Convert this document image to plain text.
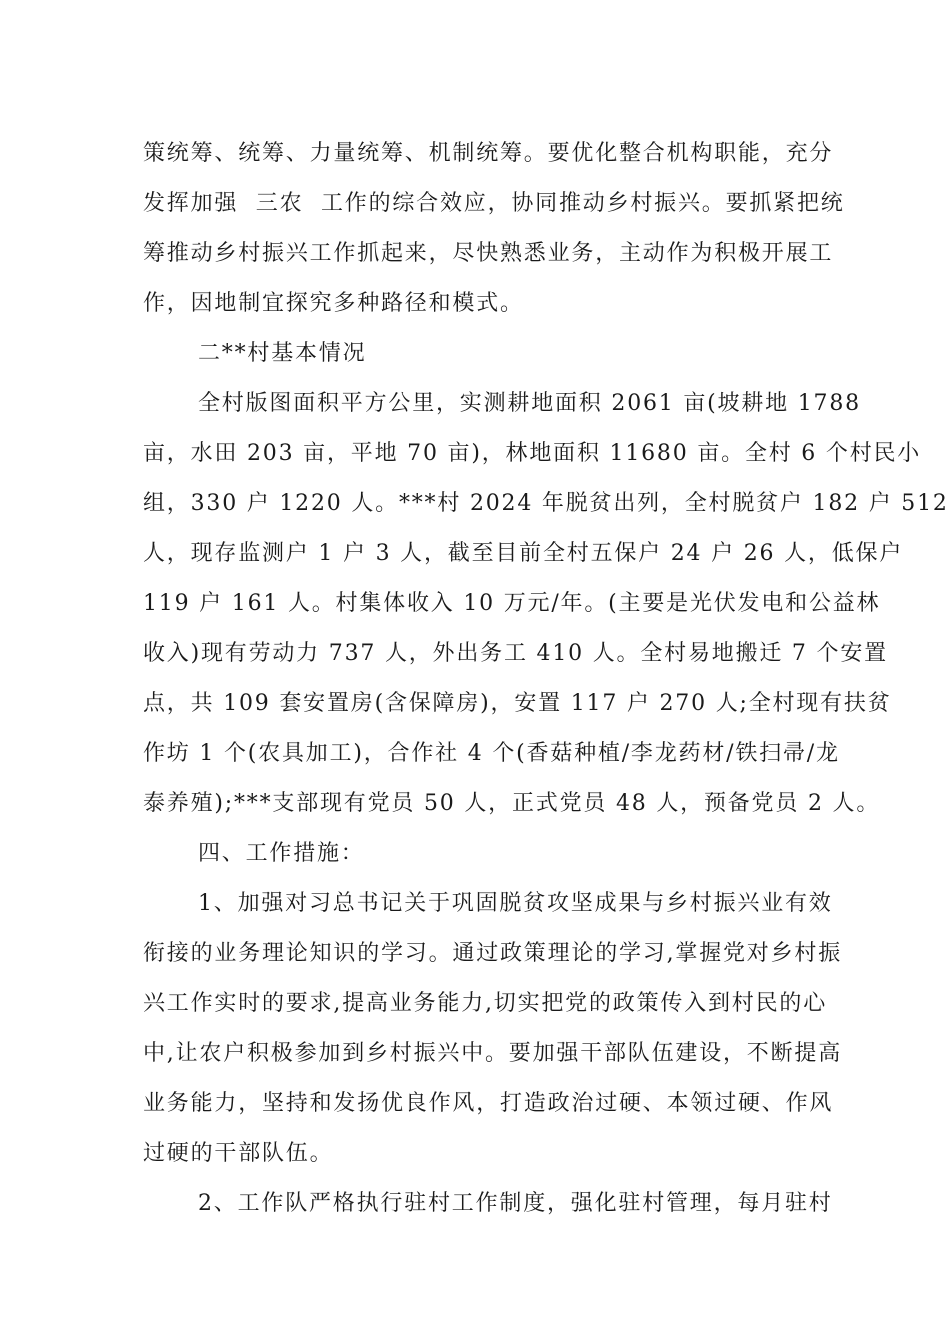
策统筹、统筹、力量统筹、机制统筹。要优化整合机构职能，充分
发挥加强  三农  工作的综合效应，协同推动乡村振兴。要抓紧把统
筹推动乡村振兴工作抓起来，尽快熟悉业务，主动作为积极开展工
作，因地制宜探究多种路径和模式。
二**村基本情况
全村版图面积平方公里，实测耕地面积 2061 亩(坡耕地 1788
亩，水田 203 亩，平地 70 亩)，林地面积 11680 亩。全村 6 个村民小
组，330 户 1220 人。***村 2024 年脱贫出列，全村脱贫户 182 户 512
人，现存监测户 1 户 3 人，截至目前全村五保户 24 户 26 人，低保户
119 户 161 人。村集体收入 10 万元/年。(主要是光伏发电和公益林
收入)现有劳动力 737 人，外出务工 410 人。全村易地搬迁 7 个安置
点，共 109 套安置房(含保障房)，安置 117 户 270 人;全村现有扶贫
作坊 1 个(农具加工)，合作社 4 个(香菇种植/李龙药材/铁扫帚/龙
泰养殖);***支部现有党员 50 人，正式党员 48 人，预备党员 2 人。
四、工作措施：
1、加强对习总书记关于巩固脱贫攻坚成果与乡村振兴业有效
衔接的业务理论知识的学习。通过政策理论的学习,掌握党对乡村振
兴工作实时的要求,提高业务能力,切实把党的政策传入到村民的心
中,让农户积极参加到乡村振兴中。要加强干部队伍建设，不断提高
业务能力，坚持和发扬优良作风，打造政治过硬、本领过硬、作风
过硬的干部队伍。
2、工作队严格执行驻村工作制度，强化驻村管理，每月驻村
